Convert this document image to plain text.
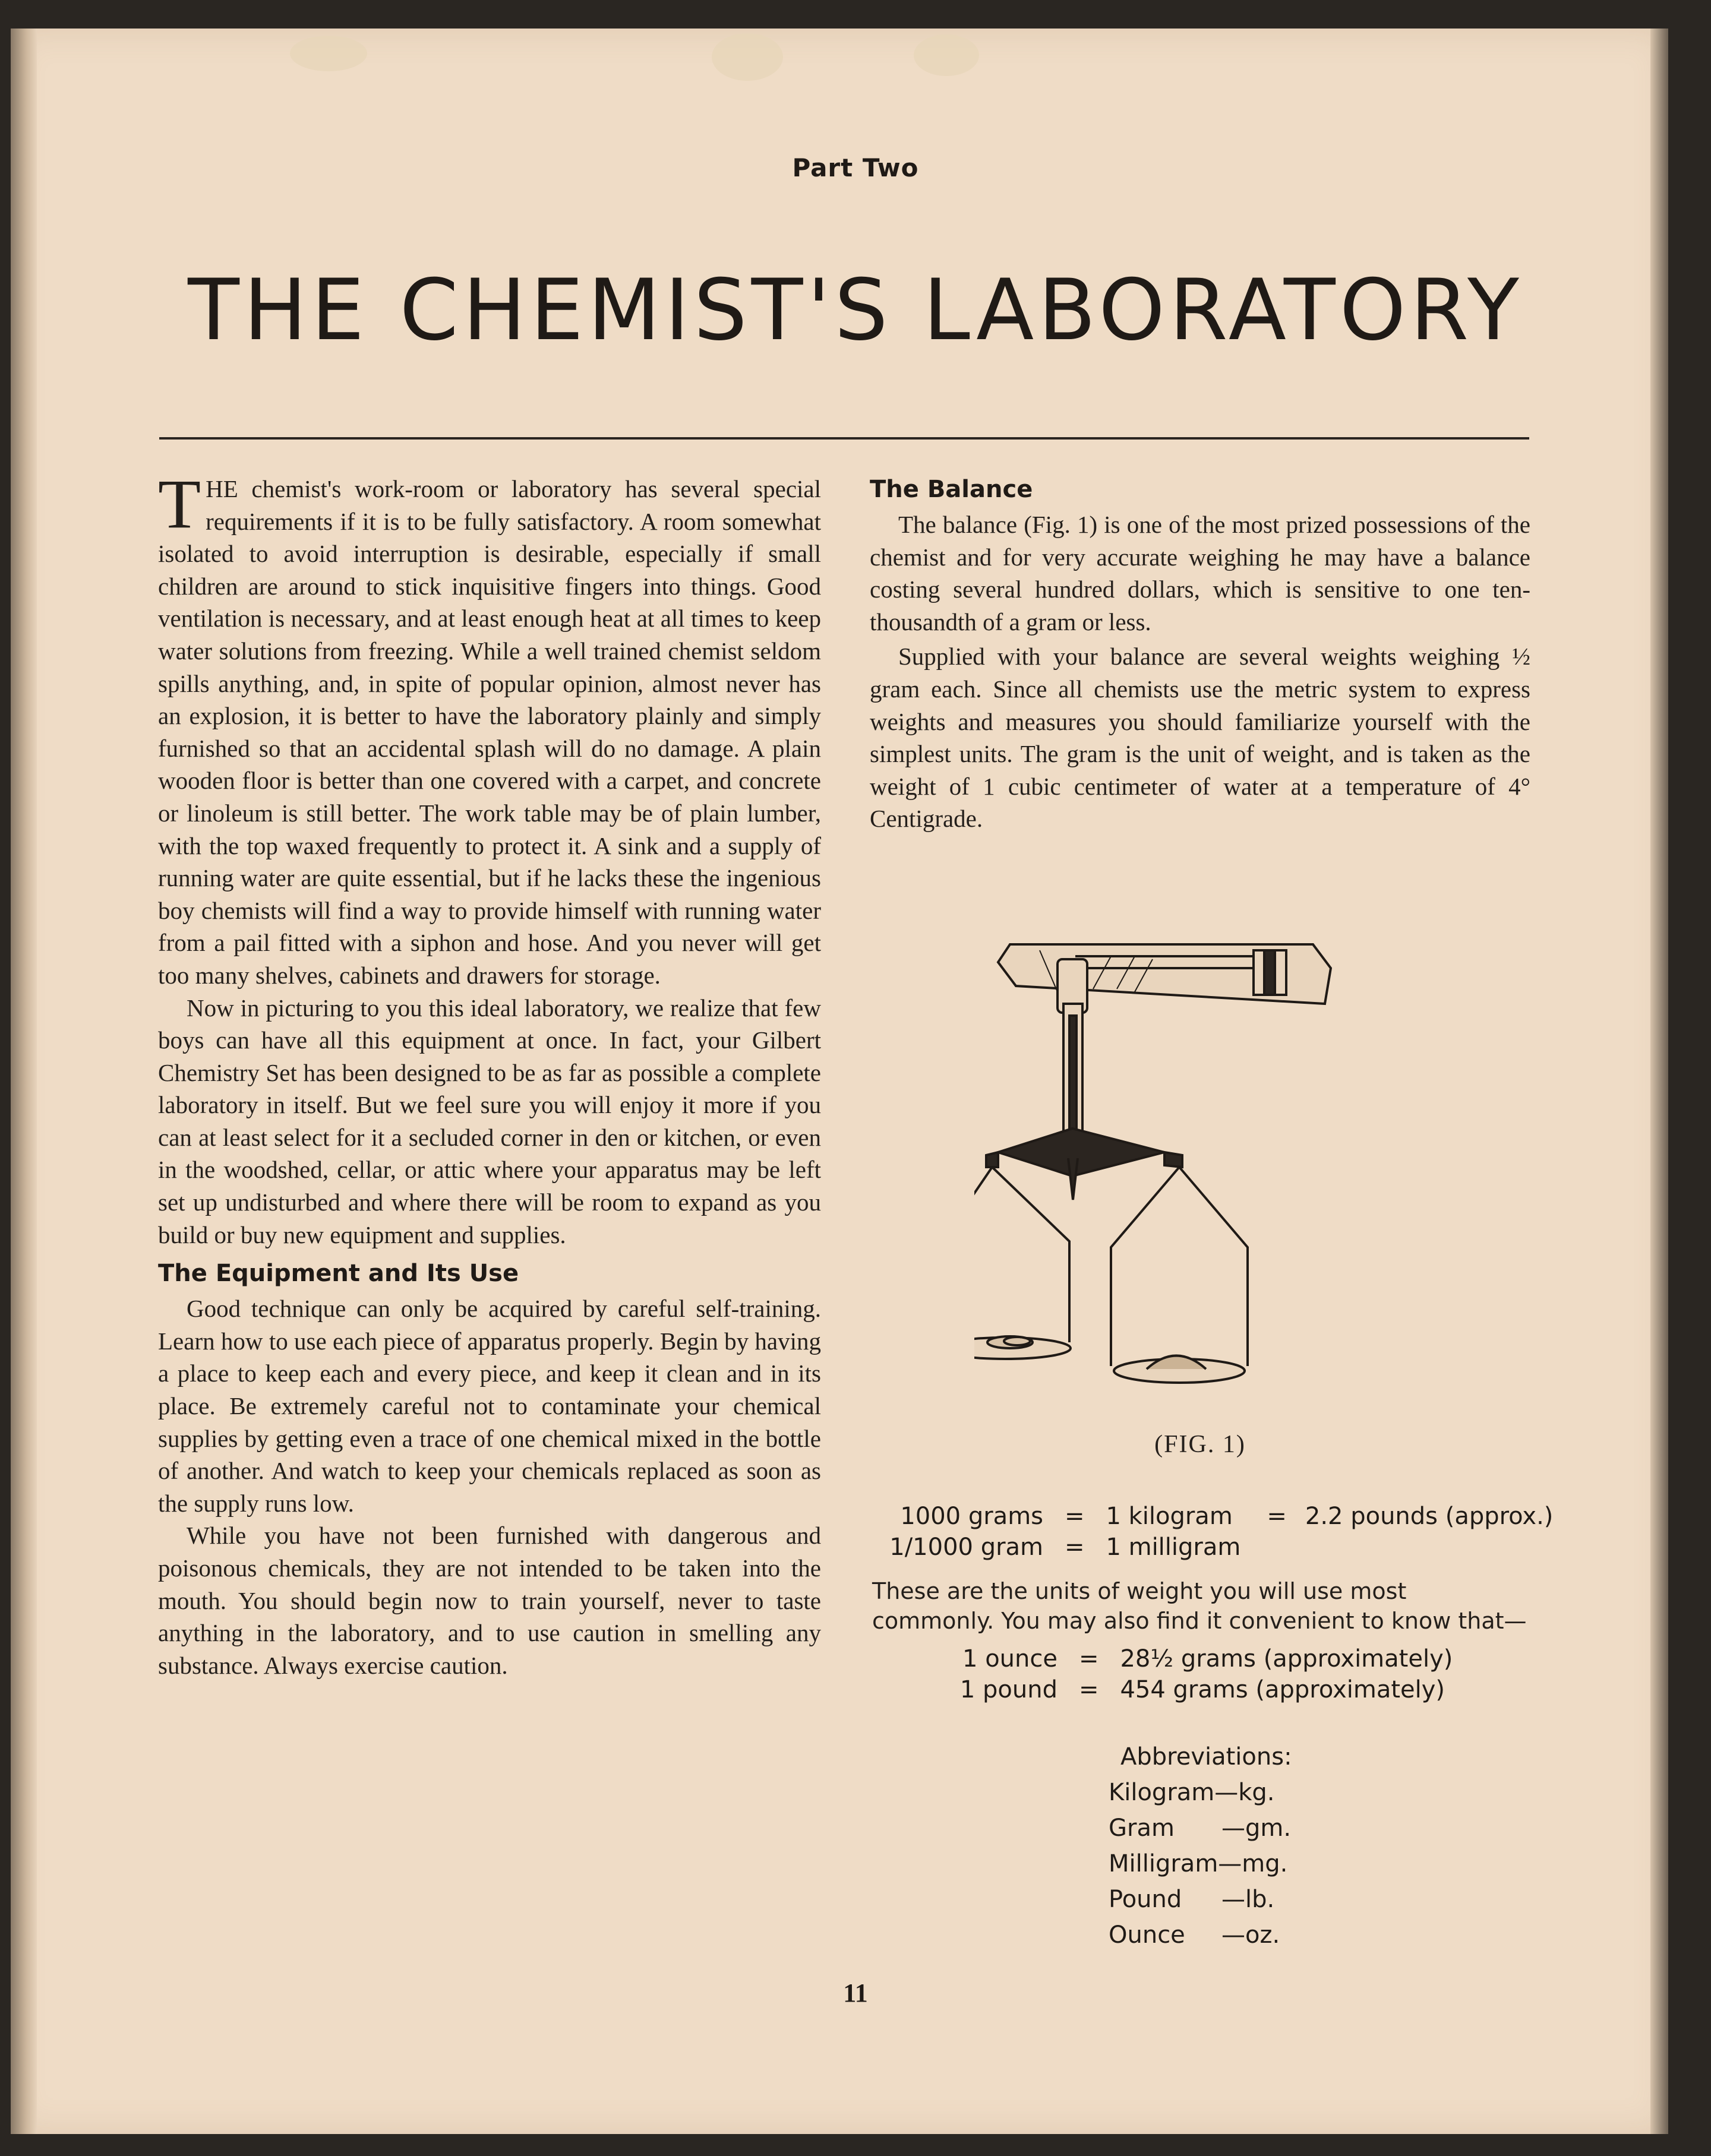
Part Two
THE CHEMIST'S LABORATORY

THE chemist's work-room or laboratory has several special requirements if it is to be fully satisfactory. A room somewhat isolated to avoid interruption is desirable, especially if small children are around to stick inquisitive fingers into things. Good ventilation is necessary, and at least enough heat at all times to keep water solutions from freezing. While a well trained chemist seldom spills anything, and, in spite of popular opinion, almost never has an explosion, it is better to have the laboratory plainly and simply furnished so that an accidental splash will do no damage. A plain wooden floor is better than one covered with a carpet, and concrete or linoleum is still better. The work table may be of plain lumber, with the top waxed frequently to protect it. A sink and a supply of running water are quite essential, but if he lacks these the ingenious boy chemists will find a way to provide himself with running water from a pail fitted with a siphon and hose. And you never will get too many shelves, cabinets and drawers for storage.

Now in picturing to you this ideal laboratory, we realize that few boys can have all this equipment at once. In fact, your Gilbert Chemistry Set has been designed to be as far as possible a complete laboratory in itself. But we feel sure you will enjoy it more if you can at least select for it a secluded corner in den or kitchen, or even in the woodshed, cellar, or attic where your apparatus may be left set up undisturbed and where there will be room to expand as you build or buy new equipment and supplies.

The Equipment and Its Use

Good technique can only be acquired by careful self-training. Learn how to use each piece of apparatus properly. Begin by having a place to keep each and every piece, and keep it clean and in its place. Be extremely careful not to contaminate your chemical supplies by getting even a trace of one chemical mixed in the bottle of another. And watch to keep your chemicals replaced as soon as the supply runs low.

While you have not been furnished with dangerous and poisonous chemicals, they are not intended to be taken into the mouth. You should begin now to train yourself, never to taste anything in the laboratory, and to use caution in smelling any substance. Always exercise caution.

The Balance

The balance (Fig. 1) is one of the most prized possessions of the chemist and for very accurate weighing he may have a balance costing several hundred dollars, which is sensitive to one ten-thousandth of a gram or less.

Supplied with your balance are several weights weighing ½ gram each. Since all chemists use the metric system to express weights and measures you should familiarize yourself with the simplest units. The gram is the unit of weight, and is taken as the weight of 1 cubic centimeter of water at a temperature of 4° Centigrade.

(FIG. 1)
1000 grams = 1 kilogram = 2.2 pounds (approx.)
1/1000 gram = 1 milligram
These are the units of weight you will use most commonly. You may also find it convenient to know that—
1 ounce = 28½ grams (approximately)
1 pound = 454 grams (approximately)
Abbreviations:
Kilogram—kg.
Gram —gm.
Milligram—mg.
Pound —lb.
Ounce —oz.
11
